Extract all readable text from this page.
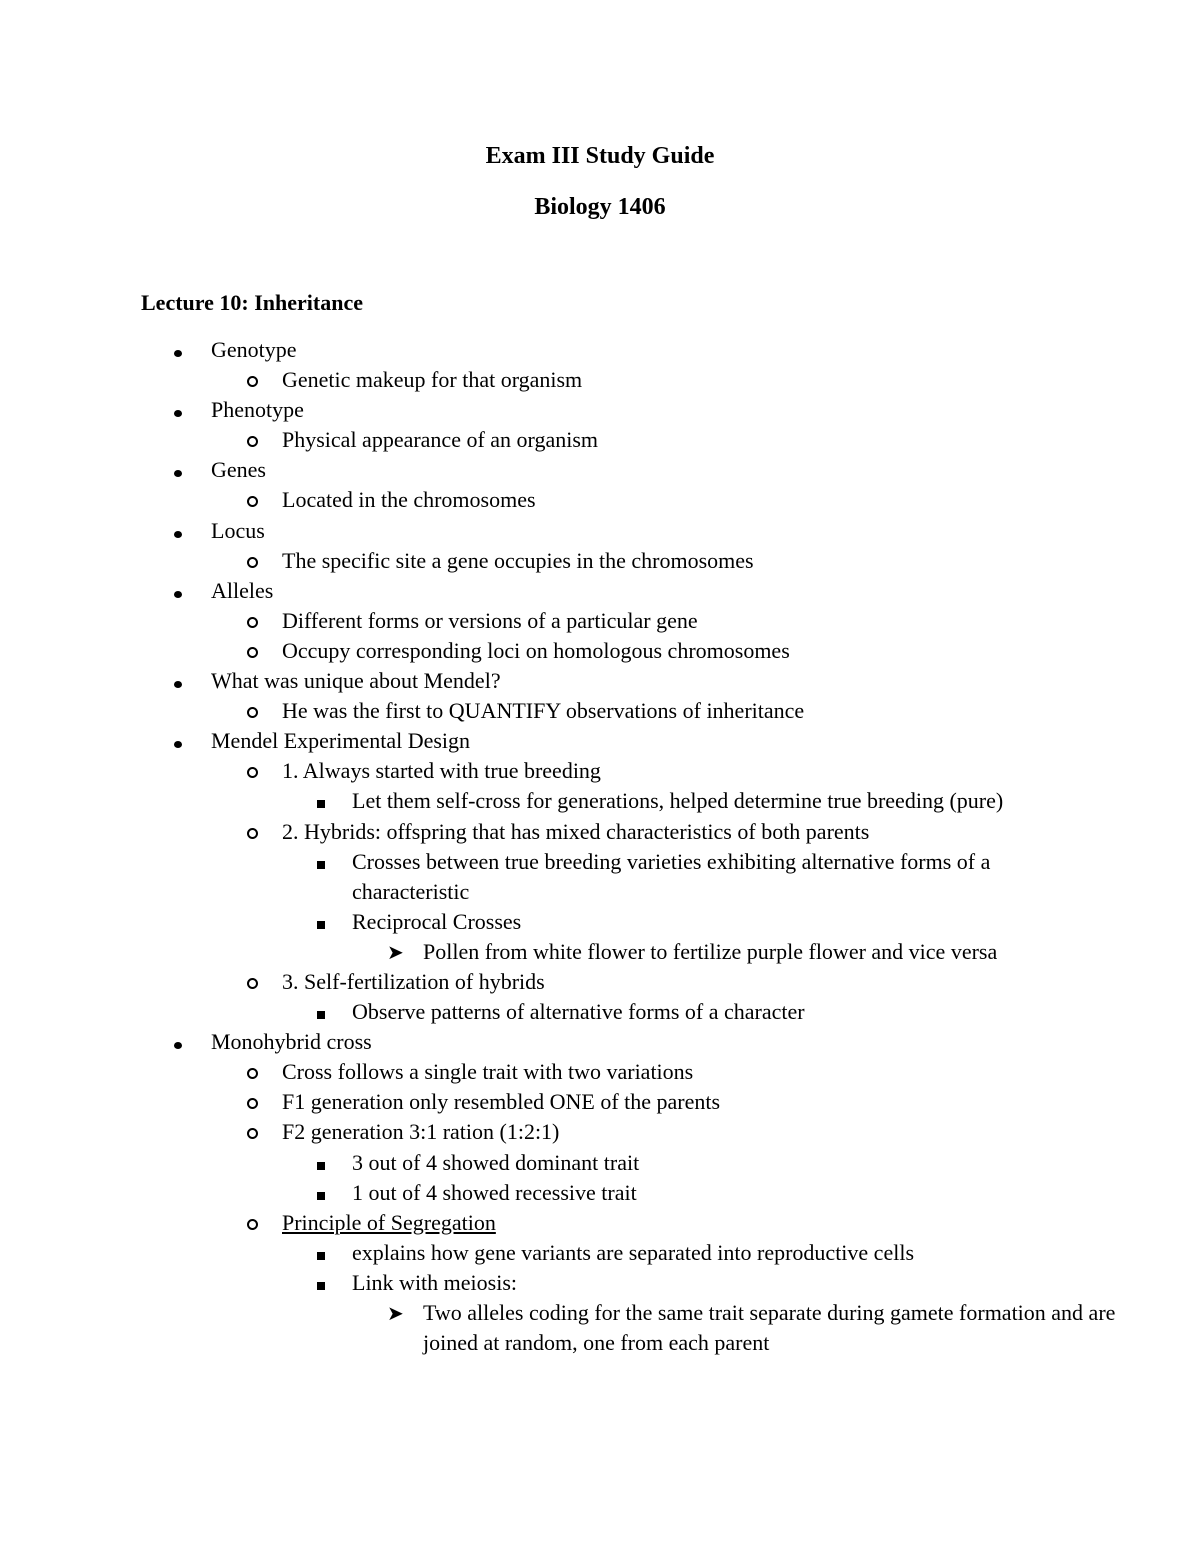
Exam III Study Guide
Biology 1406
Lecture 10: Inheritance
Genotype
Genetic makeup for that organism
Phenotype
Physical appearance of an organism
Genes
Located in the chromosomes
Locus
The specific site a gene occupies in the chromosomes
Alleles
Different forms or versions of a particular gene
Occupy corresponding loci on homologous chromosomes
What was unique about Mendel?
He was the first to QUANTIFY observations of inheritance
Mendel Experimental Design
1. Always started with true breeding
Let them self-cross for generations, helped determine true breeding (pure)
2. Hybrids: offspring that has mixed characteristics of both parents
Crosses between true breeding varieties exhibiting alternative forms of a characteristic
Reciprocal Crosses
➤ Pollen from white flower to fertilize purple flower and vice versa
3. Self-fertilization of hybrids
Observe patterns of alternative forms of a character
Monohybrid cross
Cross follows a single trait with two variations
F1 generation only resembled ONE of the parents
F2 generation 3:1 ration (1:2:1)
3 out of 4 showed dominant trait
1 out of 4 showed recessive trait
Principle of Segregation
explains how gene variants are separated into reproductive cells
Link with meiosis:
➤ Two alleles coding for the same trait separate during gamete formation and are joined at random, one from each parent
